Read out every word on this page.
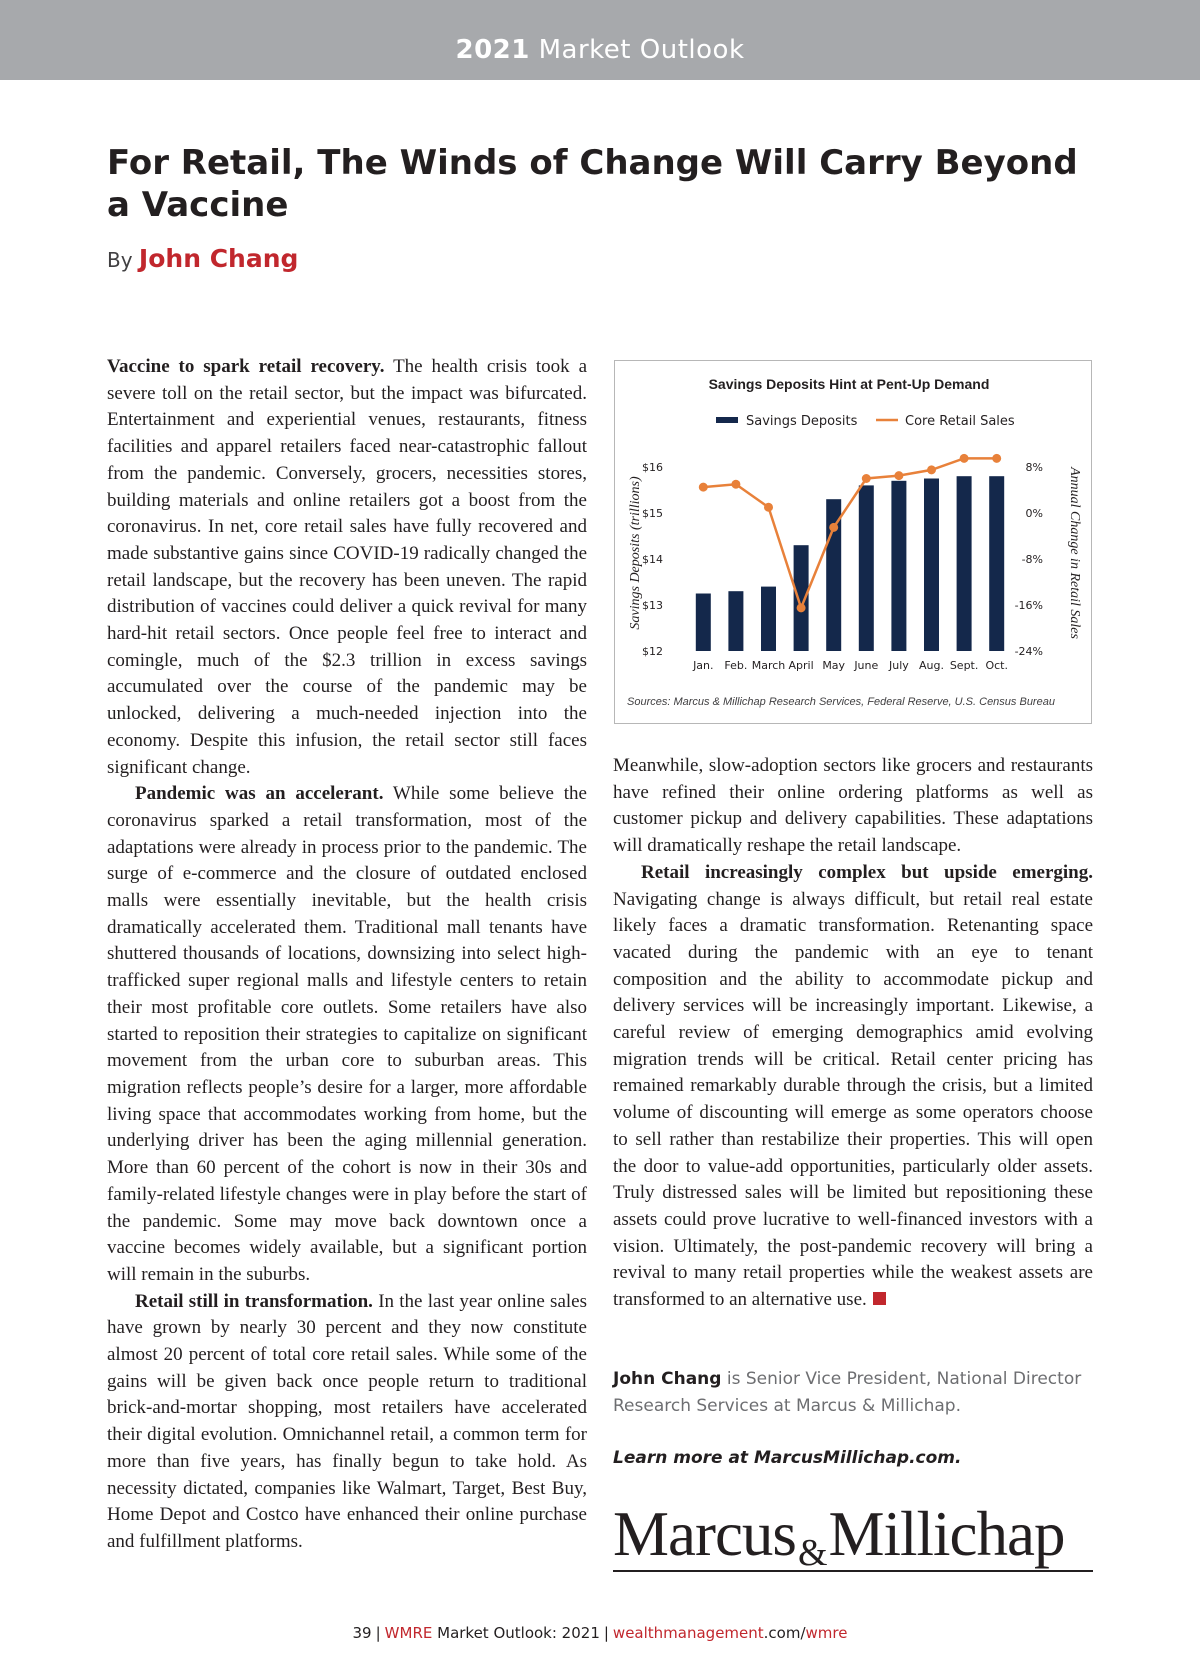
2021 Market Outlook
For Retail, The Winds of Change Will Carry Beyond a Vaccine
By John Chang

Vaccine to spark retail recovery. The health crisis took a severe toll on the retail sector, but the impact was bifurcated. Entertainment and experiential venues, restaurants, fitness facilities and apparel retailers faced near-catastrophic fallout from the pandemic. Conversely, grocers, necessities stores, building materials and online retailers got a boost from the coronavirus. In net, core retail sales have fully recovered and made substantive gains since COVID-19 radically changed the retail landscape, but the recovery has been uneven. The rapid distribution of vaccines could deliver a quick revival for many hard-hit retail sectors. Once people feel free to interact and comingle, much of the $2.3 trillion in excess savings accumulated over the course of the pandemic may be unlocked, delivering a much-needed injection into the economy. Despite this infusion, the retail sector still faces significant change.

Pandemic was an accelerant. While some believe the coronavirus sparked a retail transformation, most of the adaptations were already in process prior to the pandemic. The surge of e-commerce and the closure of outdated enclosed malls were essentially inevitable, but the health crisis dramatically accelerated them. Traditional mall tenants have shuttered thousands of locations, downsizing into select high-trafficked super regional malls and lifestyle centers to retain their most profitable core outlets. Some retailers have also started to reposition their strategies to capitalize on significant movement from the urban core to suburban areas. This migration reflects people’s desire for a larger, more affordable living space that accommodates working from home, but the underlying driver has been the aging millennial generation. More than 60 percent of the cohort is now in their 30s and family-related lifestyle changes were in play before the start of the pandemic. Some may move back downtown once a vaccine becomes widely available, but a significant portion will remain in the suburbs.

Retail still in transformation. In the last year online sales have grown by nearly 30 percent and they now constitute almost 20 percent of total core retail sales. While some of the gains will be given back once people return to traditional brick-and-mortar shopping, most retailers have accelerated their digital evolution. Omnichannel retail, a common term for more than five years, has finally begun to take hold. As necessity dictated, companies like Walmart, Target, Best Buy, Home Depot and Costco have enhanced their online purchase and fulfillment platforms.

Savings Deposits Hint at Pent-Up Demand
Savings Deposits	Core Retail Sales
Savings Deposits (trillions)	Annual Change in Retail Sales
$12
$13
$14
$15
$16
-24%
-16%
-8%
0%
8%
Jan. Feb. March April May June July Aug. Sept. Oct.
Sources: Marcus & Millichap Research Services, Federal Reserve, U.S. Census Bureau

Meanwhile, slow-adoption sectors like grocers and restaurants have refined their online ordering platforms as well as customer pickup and delivery capabilities. These adaptations will dramatically reshape the retail landscape.

Retail increasingly complex but upside emerging. Navigating change is always difficult, but retail real estate likely faces a dramatic transformation. Retenanting space vacated during the pandemic with an eye to tenant composition and the ability to accommodate pickup and delivery services will be increasingly important. Likewise, a careful review of emerging demographics amid evolving migration trends will be critical. Retail center pricing has remained remarkably durable through the crisis, but a limited volume of discounting will emerge as some operators choose to sell rather than restabilize their properties. This will open the door to value-add opportunities, particularly older assets. Truly distressed sales will be limited but repositioning these assets could prove lucrative to well-financed investors with a vision. Ultimately, the post-pandemic recovery will bring a revival to many retail properties while the weakest assets are transformed to an alternative use.

John Chang is Senior Vice President, National Director Research Services at Marcus & Millichap.

Learn more at MarcusMillichap.com.

Marcus&Millichap
39 | WMRE Market Outlook: 2021 | wealthmanagement.com/wmre
